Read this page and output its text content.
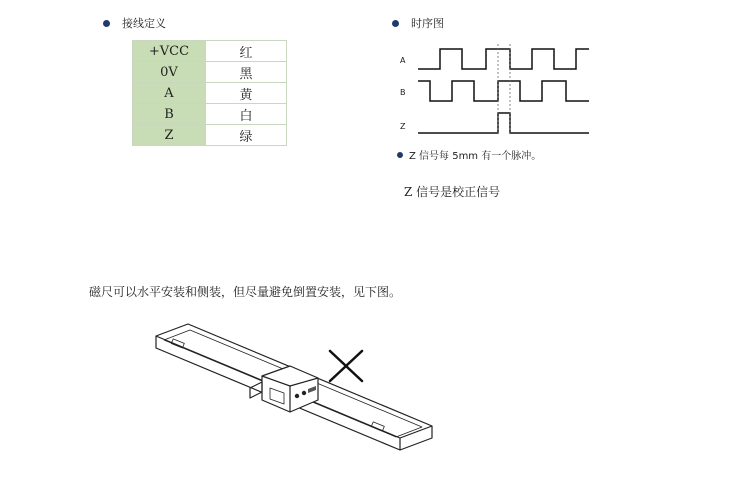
接线定义
+VCC	红
0V	黑
A	黄
B	白
Z	绿
时序图
A
B
Z
Z 信号每 5mm 有一个脉冲。
Z 信号是校正信号
磁尺可以水平安装和侧装，但尽量避免倒置安装，见下图。
